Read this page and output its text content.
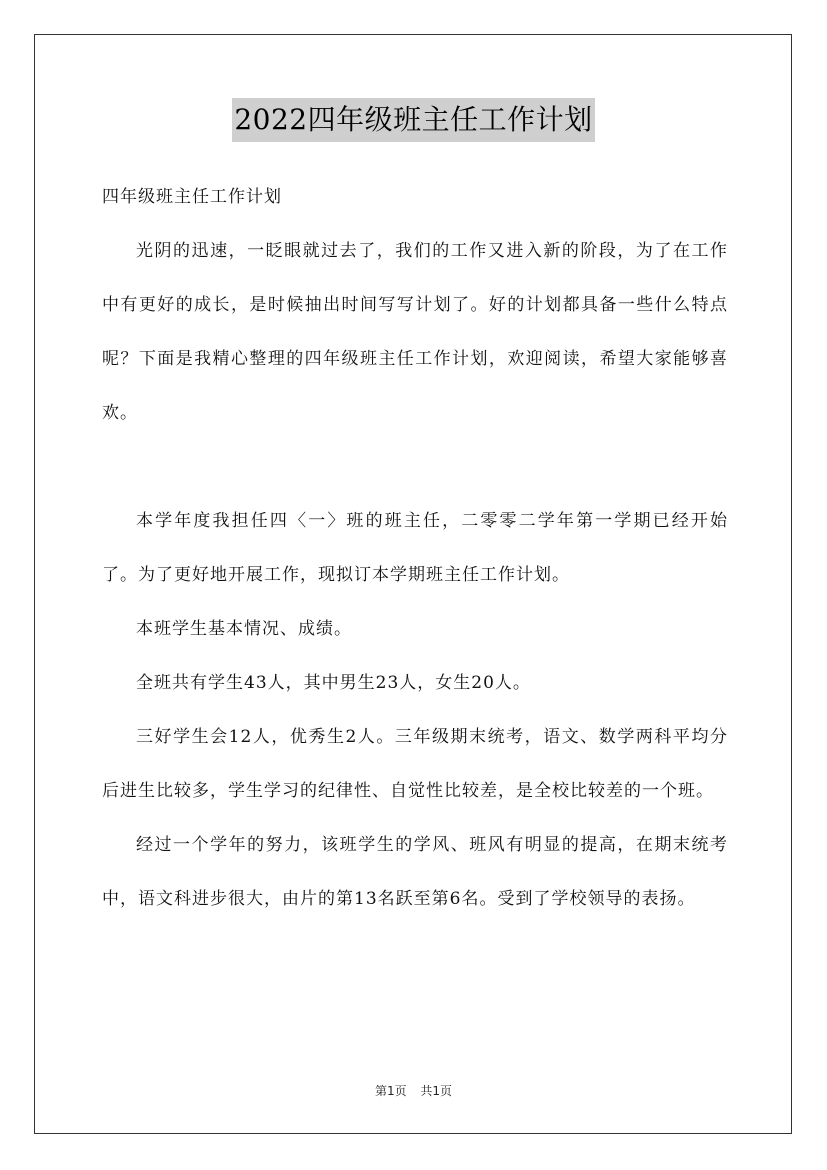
2022四年级班主任工作计划

四年级班主任工作计划

光阴的迅速，一眨眼就过去了，我们的工作又进入新的阶段，为了在工作中有更好的成长，是时候抽出时间写写计划了。好的计划都具备一些什么特点呢？下面是我精心整理的四年级班主任工作计划，欢迎阅读，希望大家能够喜欢。

本学年度我担任四〈一〉班的班主任，二零零二学年第一学期已经开始了。为了更好地开展工作，现拟订本学期班主任工作计划。

本班学生基本情况、成绩。

全班共有学生43人，其中男生23人，女生20人。

三好学生会12人，优秀生2人。三年级期末统考，语文、数学两科平均分后进生比较多，学生学习的纪律性、自觉性比较差，是全校比较差的一个班。

经过一个学年的努力，该班学生的学风、班风有明显的提高，在期末统考中，语文科进步很大，由片的第13名跃至第6名。受到了学校领导的表扬。

第1页 共1页
